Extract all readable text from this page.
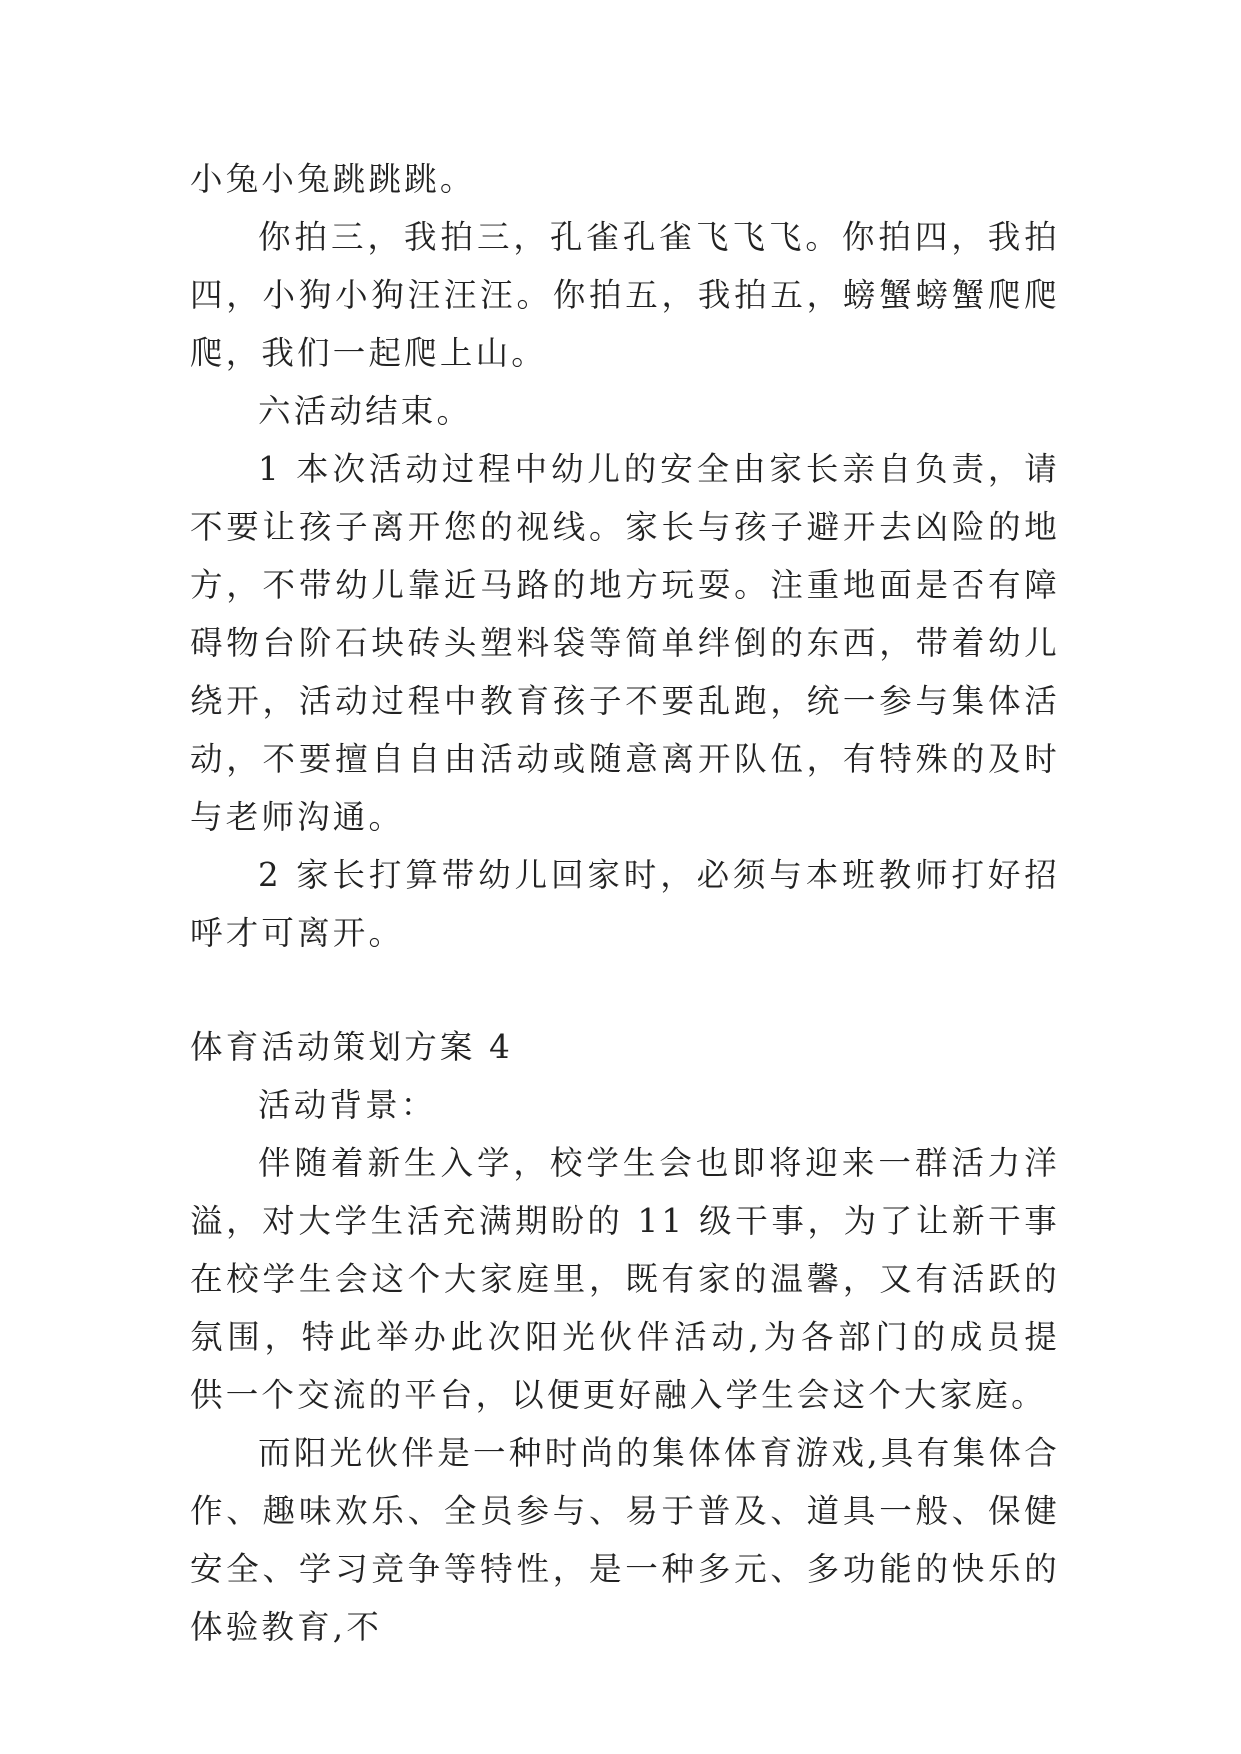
小兔小兔跳跳跳。

你拍三，我拍三，孔雀孔雀飞飞飞。你拍四，我拍四，小狗小狗汪汪汪。你拍五，我拍五，螃蟹螃蟹爬爬爬，我们一起爬上山。

六活动结束。

1 本次活动过程中幼儿的安全由家长亲自负责，请不要让孩子离开您的视线。家长与孩子避开去凶险的地方，不带幼儿靠近马路的地方玩耍。注重地面是否有障碍物台阶石块砖头塑料袋等简单绊倒的东西，带着幼儿绕开，活动过程中教育孩子不要乱跑，统一参与集体活动，不要擅自自由活动或随意离开队伍，有特殊的及时与老师沟通。

2 家长打算带幼儿回家时，必须与本班教师打好招呼才可离开。

体育活动策划方案 4

活动背景：

伴随着新生入学，校学生会也即将迎来一群活力洋溢，对大学生活充满期盼的 11 级干事，为了让新干事在校学生会这个大家庭里，既有家的温馨，又有活跃的氛围，特此举办此次阳光伙伴活动,为各部门的成员提供一个交流的平台，以便更好融入学生会这个大家庭。

而阳光伙伴是一种时尚的集体体育游戏,具有集体合作、趣味欢乐、全员参与、易于普及、道具一般、保健安全、学习竞争等特性，是一种多元、多功能的快乐的体验教育,不
